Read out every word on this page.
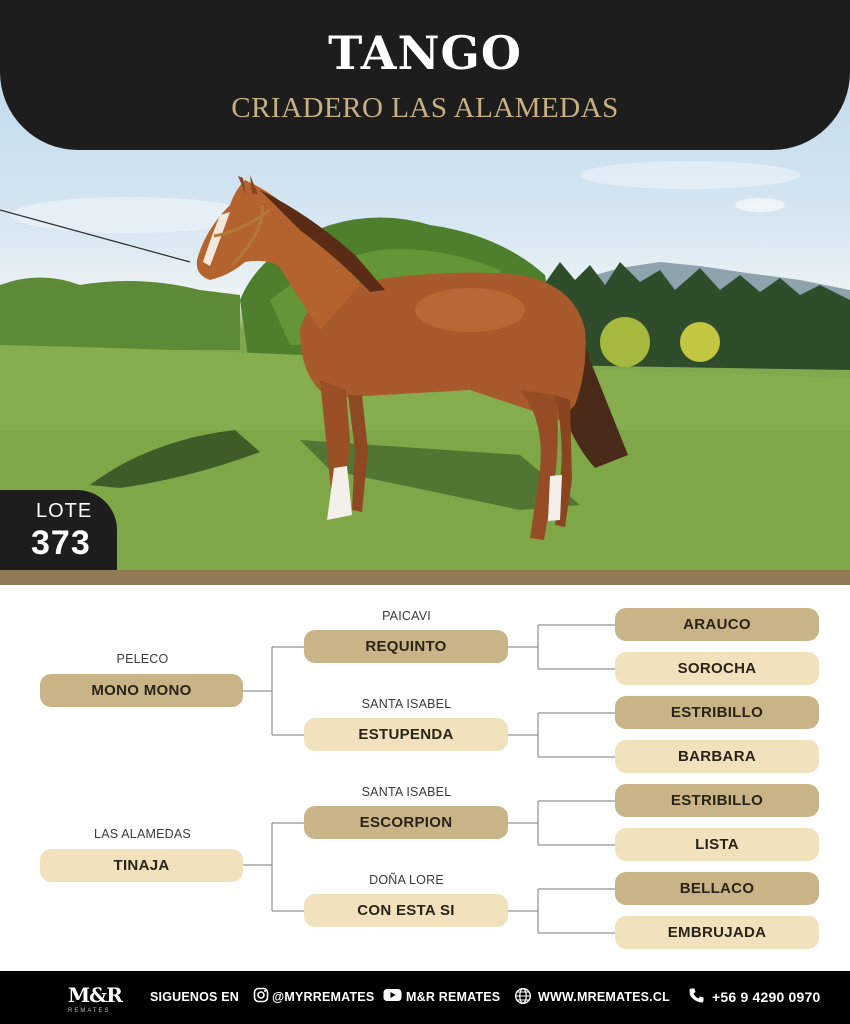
TANGO
CRIADERO LAS ALAMEDAS
LOTE
373
PELECO
MONO MONO
LAS ALAMEDAS
TINAJA
PAICAVI
REQUINTO
SANTA ISABEL
ESTUPENDA
SANTA ISABEL
ESCORPION
DOÑA LORE
CON ESTA SI
ARAUCO
SOROCHA
ESTRIBILLO
BARBARA
ESTRIBILLO
LISTA
BELLACO
EMBRUJADA
M&R
REMATES
SIGUENOS EN	@MYRREMATES	M&R REMATES	WWW.MREMATES.CL	+56 9 4290 0970
